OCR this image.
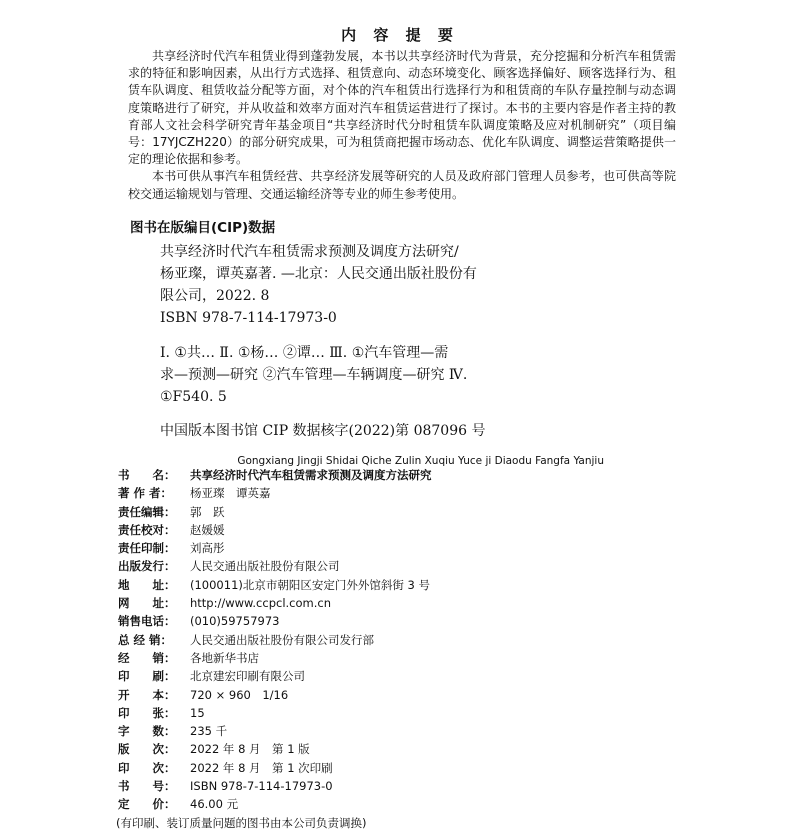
内 容 提 要

共享经济时代汽车租赁业得到蓬勃发展，本书以共享经济时代为背景，充分挖掘和分析汽车租赁需求的特征和影响因素，从出行方式选择、租赁意向、动态环境变化、顾客选择偏好、顾客选择行为、租赁车队调度、租赁收益分配等方面，对个体的汽车租赁出行选择行为和租赁商的车队存量控制与动态调度策略进行了研究，并从收益和效率方面对汽车租赁运营进行了探讨。本书的主要内容是作者主持的教育部人文社会科学研究青年基金项目“共享经济时代分时租赁车队调度策略及应对机制研究”（项目编号：17YJCZH220）的部分研究成果，可为租赁商把握市场动态、优化车队调度、调整运营策略提供一定的理论依据和参考。

本书可供从事汽车租赁经营、共享经济发展等研究的人员及政府部门管理人员参考，也可供高等院校交通运输规划与管理、交通运输经济等专业的师生参考使用。

图书在版编目(CIP)数据
共享经济时代汽车租赁需求预测及调度方法研究/
杨亚璨，谭英嘉著. —北京：人民交通出版社股份有
限公司，2022. 8
ISBN 978-7-114-17973-0
Ⅰ. ①共… Ⅱ. ①杨… ②谭… Ⅲ. ①汽车管理—需
求—预测—研究 ②汽车管理—车辆调度—研究 Ⅳ.
①F540. 5
中国版本图书馆 CIP 数据核字(2022)第 087096 号
Gongxiang Jingji Shidai Qiche Zulin Xuqiu Yuce ji Diaodu Fangfa Yanjiu
书　　名：	共享经济时代汽车租赁需求预测及调度方法研究
著 作 者：	杨亚璨　谭英嘉
责任编辑：	郭　跃
责任校对：	赵媛媛
责任印制：	刘高彤
出版发行：	人民交通出版社股份有限公司
地　　址：	(100011)北京市朝阳区安定门外外馆斜街 3 号
网　　址：	http://www.ccpcl.com.cn
销售电话：	(010)59757973
总 经 销：	人民交通出版社股份有限公司发行部
经　　销：	各地新华书店
印　　刷：	北京建宏印刷有限公司
开　　本：	720 × 960　1/16
印　　张：	15
字　　数：	235 千
版　　次：	2022 年 8 月　第 1 版
印　　次：	2022 年 8 月　第 1 次印刷
书　　号：	ISBN 978-7-114-17973-0
定　　价：	46.00 元
(有印刷、装订质量问题的图书由本公司负责调换)
